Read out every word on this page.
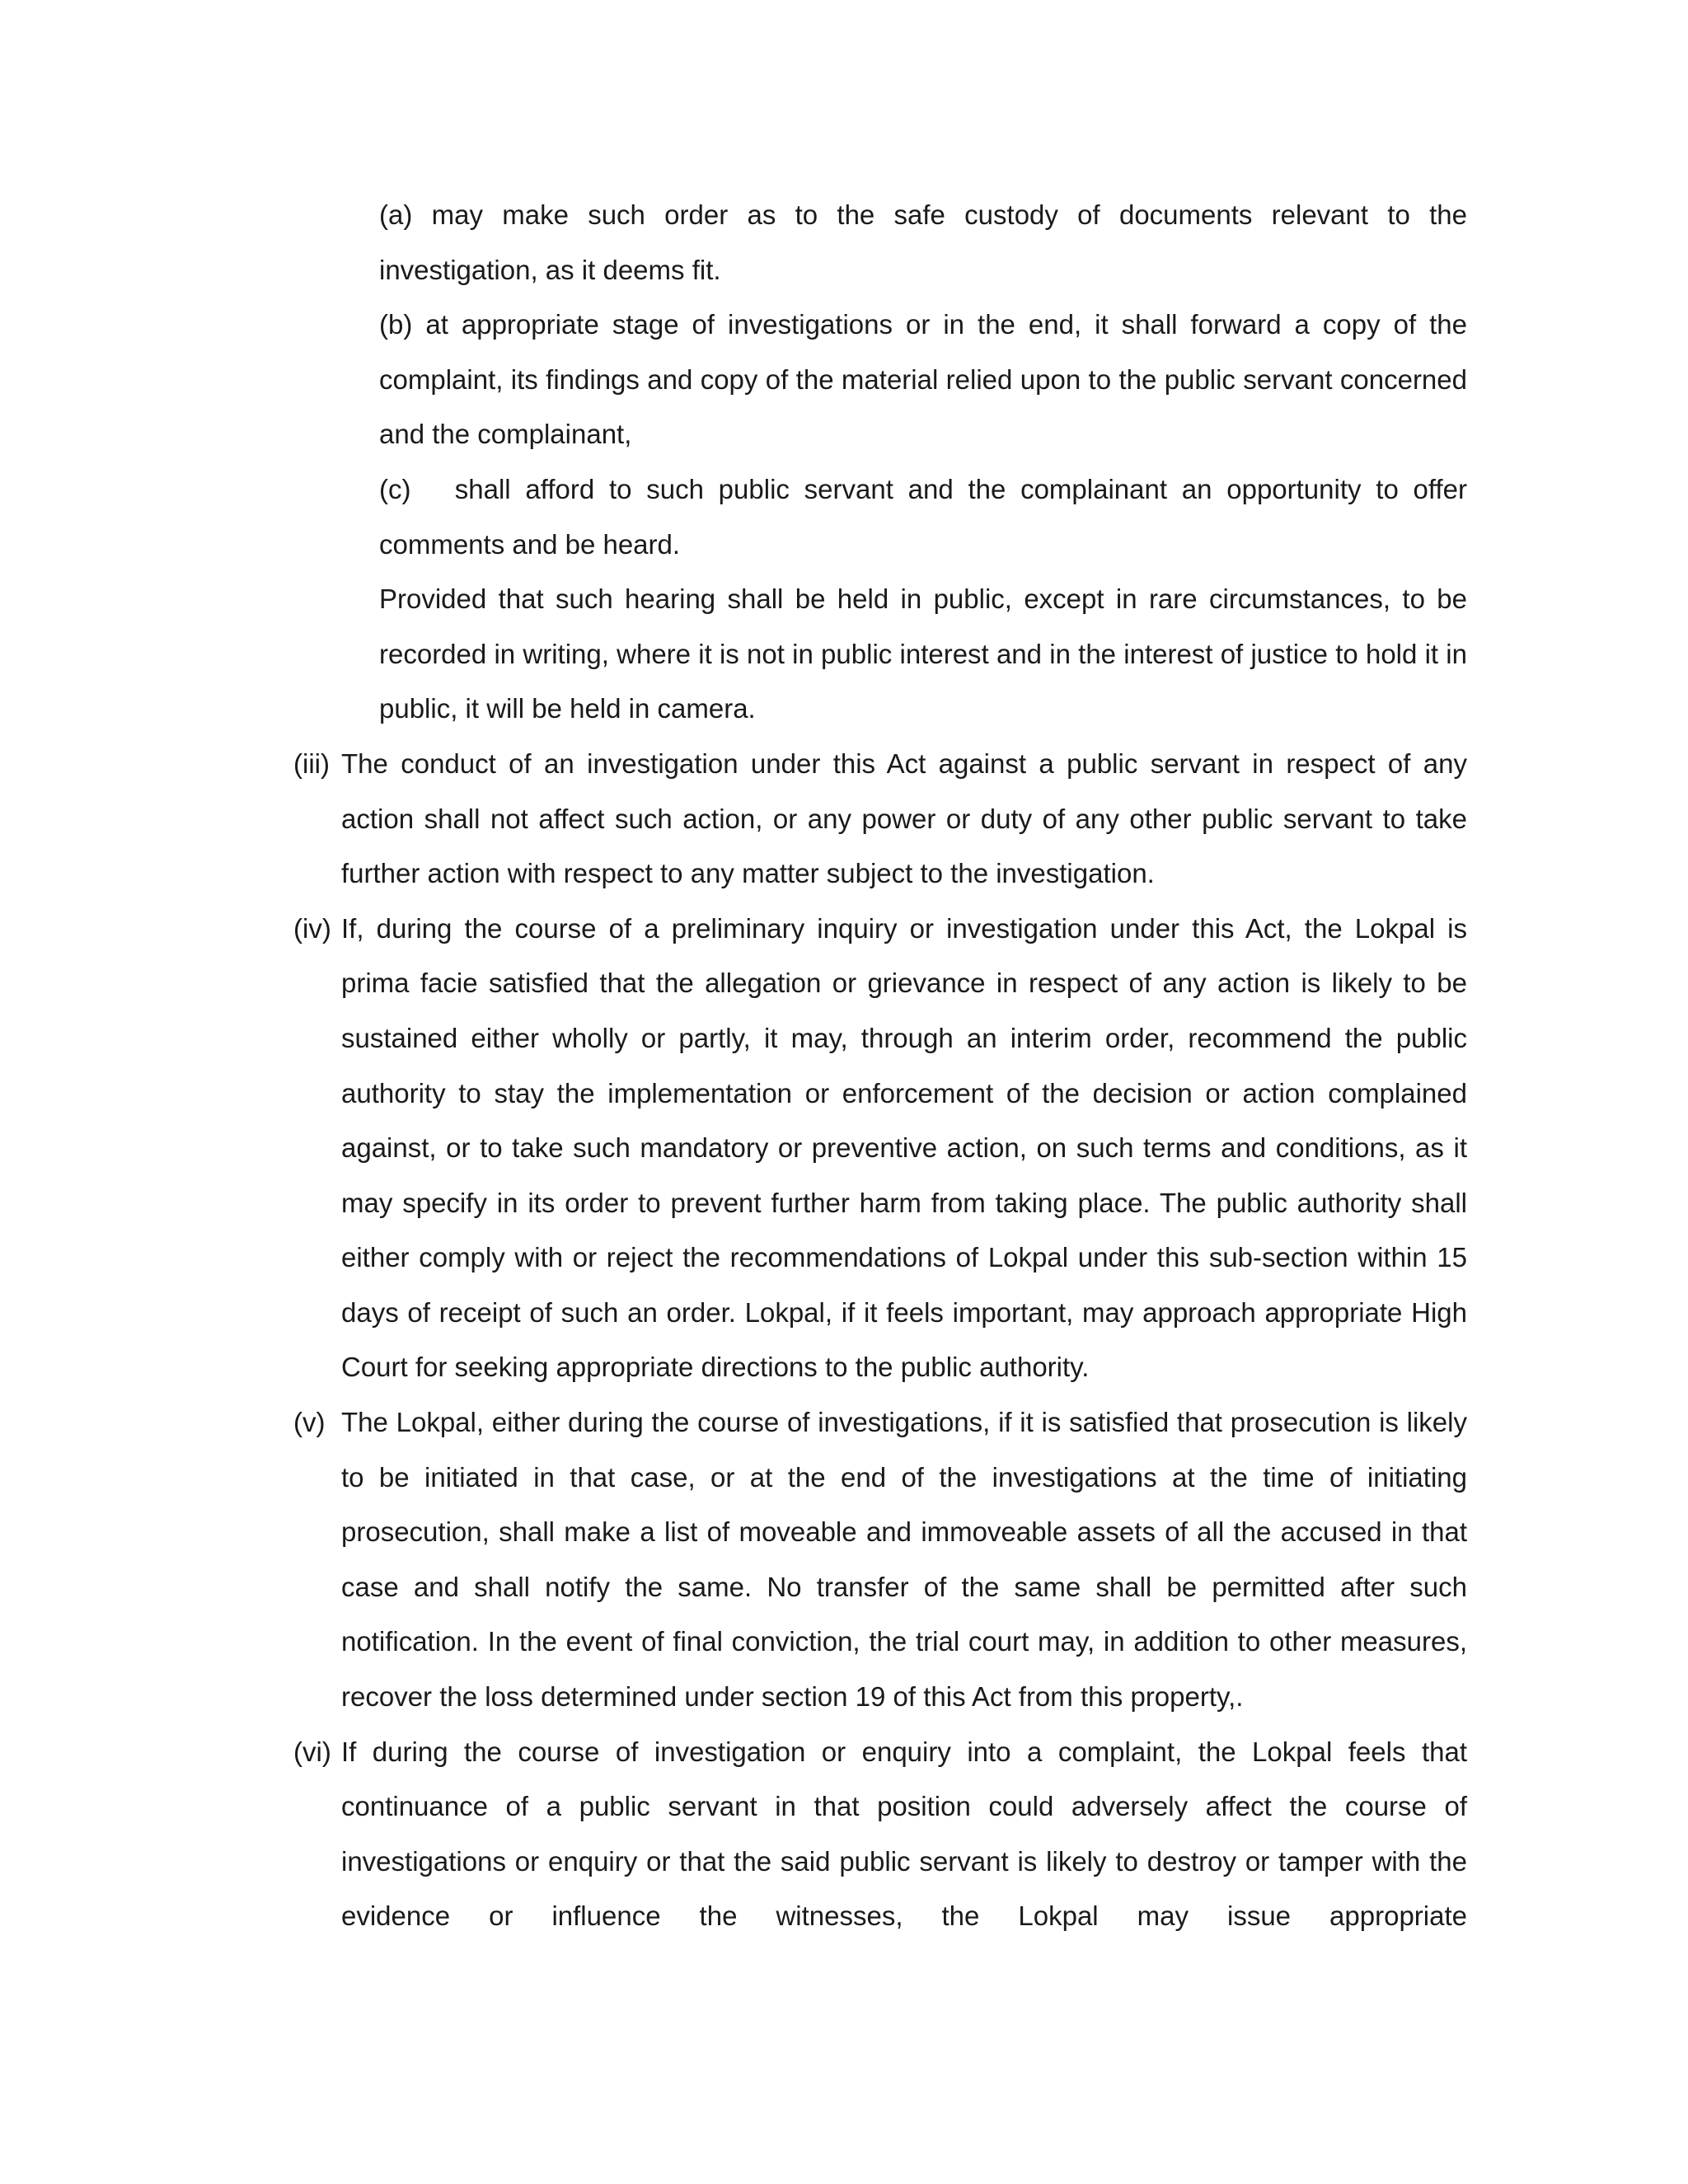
(a) may make such order as to the safe custody of documents relevant to the investigation, as it deems fit.

(b) at appropriate stage of investigations or in the end, it shall forward a copy of the complaint, its findings and copy of the material relied upon to the public servant concerned and the complainant,

(c) shall afford to such public servant and the complainant an opportunity to offer comments and be heard.

Provided that such hearing shall be held in public, except in rare circumstances, to be recorded in writing, where it is not in public interest and in the interest of justice to hold it in public, it will be held in camera.

(iii) The conduct of an investigation under this Act against a public servant in respect of any action shall not affect such action, or any power or duty of any other public servant to take further action with respect to any matter subject to the investigation.
(iv) If, during the course of a preliminary inquiry or investigation under this Act, the Lokpal is prima facie satisfied that the allegation or grievance in respect of any action is likely to be sustained either wholly or partly, it may, through an interim order, recommend the public authority to stay the implementation or enforcement of the decision or action complained against, or to take such mandatory or preventive action, on such terms and conditions, as it may specify in its order to prevent further harm from taking place. The public authority shall either comply with or reject the recommendations of Lokpal under this sub-section within 15 days of receipt of such an order. Lokpal, if it feels important, may approach appropriate High Court for seeking appropriate directions to the public authority.
(v) The Lokpal, either during the course of investigations, if it is satisfied that prosecution is likely to be initiated in that case, or at the end of the investigations at the time of initiating prosecution, shall make a list of moveable and immoveable assets of all the accused in that case and shall notify the same. No transfer of the same shall be permitted after such notification. In the event of final conviction, the trial court may, in addition to other measures, recover the loss determined under section 19 of this Act from this property,.
(vi) If during the course of investigation or enquiry into a complaint, the Lokpal feels that continuance of a public servant in that position could adversely affect the course of investigations or enquiry or that the said public servant is likely to destroy or tamper with the evidence or influence the witnesses, the Lokpal may issue appropriate
